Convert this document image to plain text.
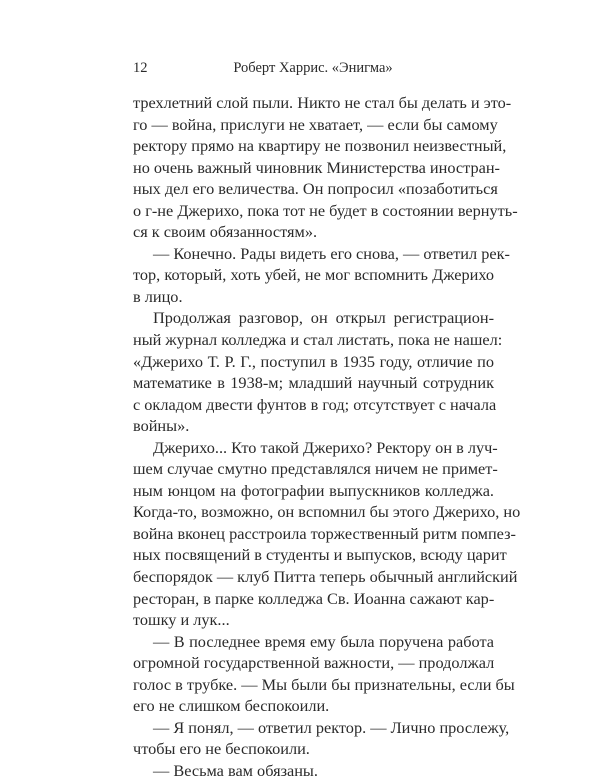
12	Роберт Харрис. «Энигма»
трехлетний слой пыли. Никто не стал бы делать и это-
го — война, прислуги не хватает, — если бы самому
ректору прямо на квартиру не позвонил неизвестный,
но очень важный чиновник Министерства иностран-
ных дел его величества. Он попросил «позаботиться
о г-не Джерихо, пока тот не будет в состоянии вернуть-
ся к своим обязанностям».
— Конечно. Рады видеть его снова, — ответил рек-
тор, который, хоть убей, не мог вспомнить Джерихо
в лицо.
Продолжая разговор, он открыл регистрацион-
ный журнал колледжа и стал листать, пока не нашел:
«Джерихо Т. Р. Г., поступил в 1935 году, отличие по
математике в 1938-м; младший научный сотрудник
с окладом двести фунтов в год; отсутствует с начала
войны».
Джерихо... Кто такой Джерихо? Ректору он в луч-
шем случае смутно представлялся ничем не примет-
ным юнцом на фотографии выпускников колледжа.
Когда-то, возможно, он вспомнил бы этого Джерихо, но
война вконец расстроила торжественный ритм помпез-
ных посвящений в студенты и выпусков, всюду царит
беспорядок — клуб Питта теперь обычный английский
ресторан, в парке колледжа Св. Иоанна сажают кар-
тошку и лук...
— В последнее время ему была поручена работа
огромной государственной важности, — продолжал
голос в трубке. — Мы были бы признательны, если бы
его не слишком беспокоили.
— Я понял, — ответил ректор. — Лично прослежу,
чтобы его не беспокоили.
— Весьма вам обязаны.
